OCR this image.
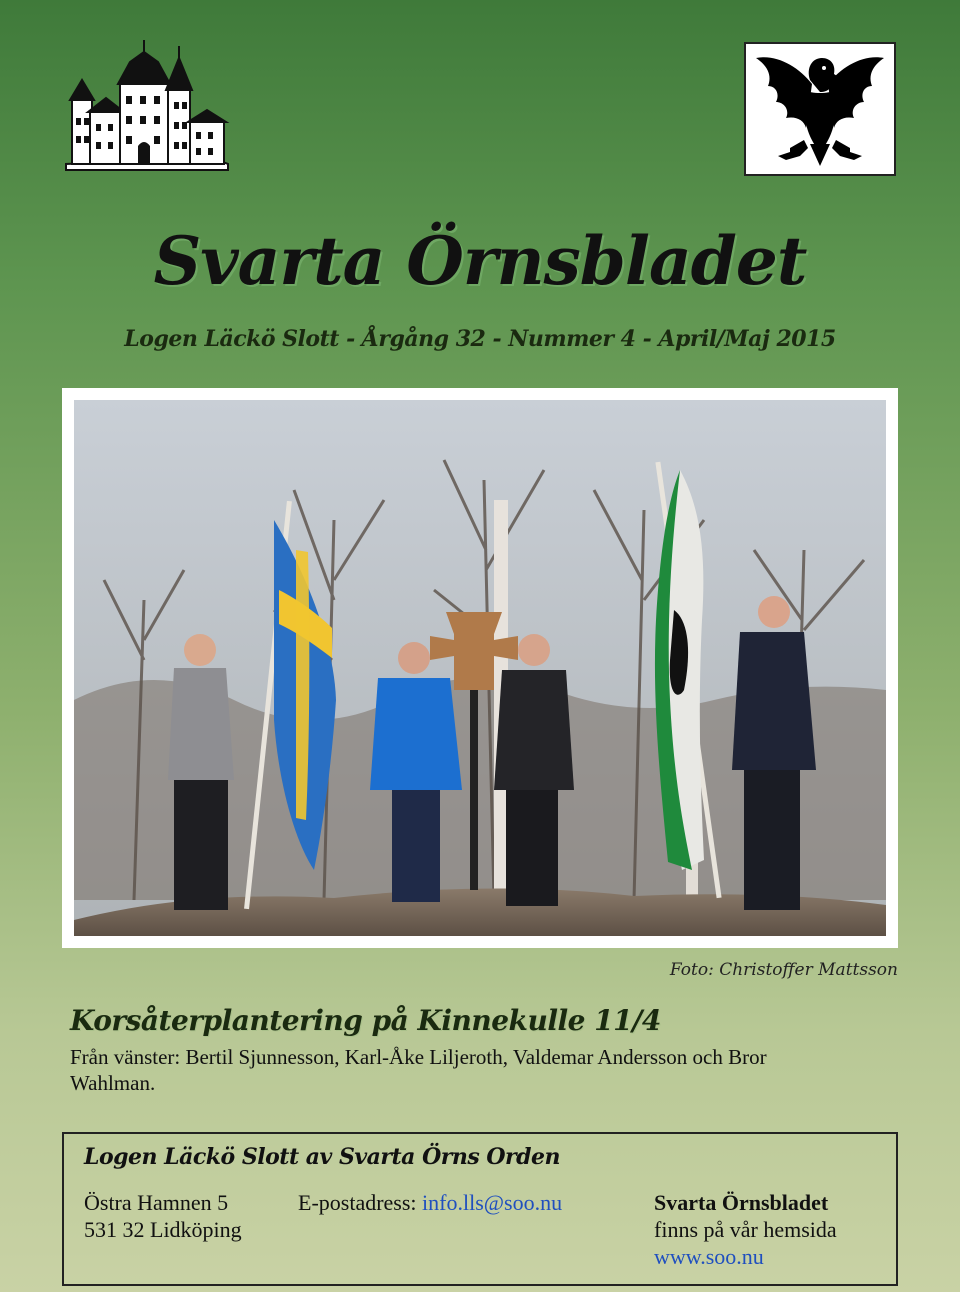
Svarta Örnsbladet
Logen Läckö Slott - Årgång 32 - Nummer 4 - April/Maj 2015
Foto: Christoffer Mattsson
Korsåterplantering på Kinnekulle 11/4
Från vänster: Bertil Sjunnesson, Karl-Åke Liljeroth, Valdemar Andersson och Bror Wahlman.
Logen Läckö Slott av Svarta Örns Orden
Östra Hamnen 5
531 32 Lidköping
E-postadress: info.lls@soo.nu	Svarta Örnsbladet
finns på vår hemsida
www.soo.nu
